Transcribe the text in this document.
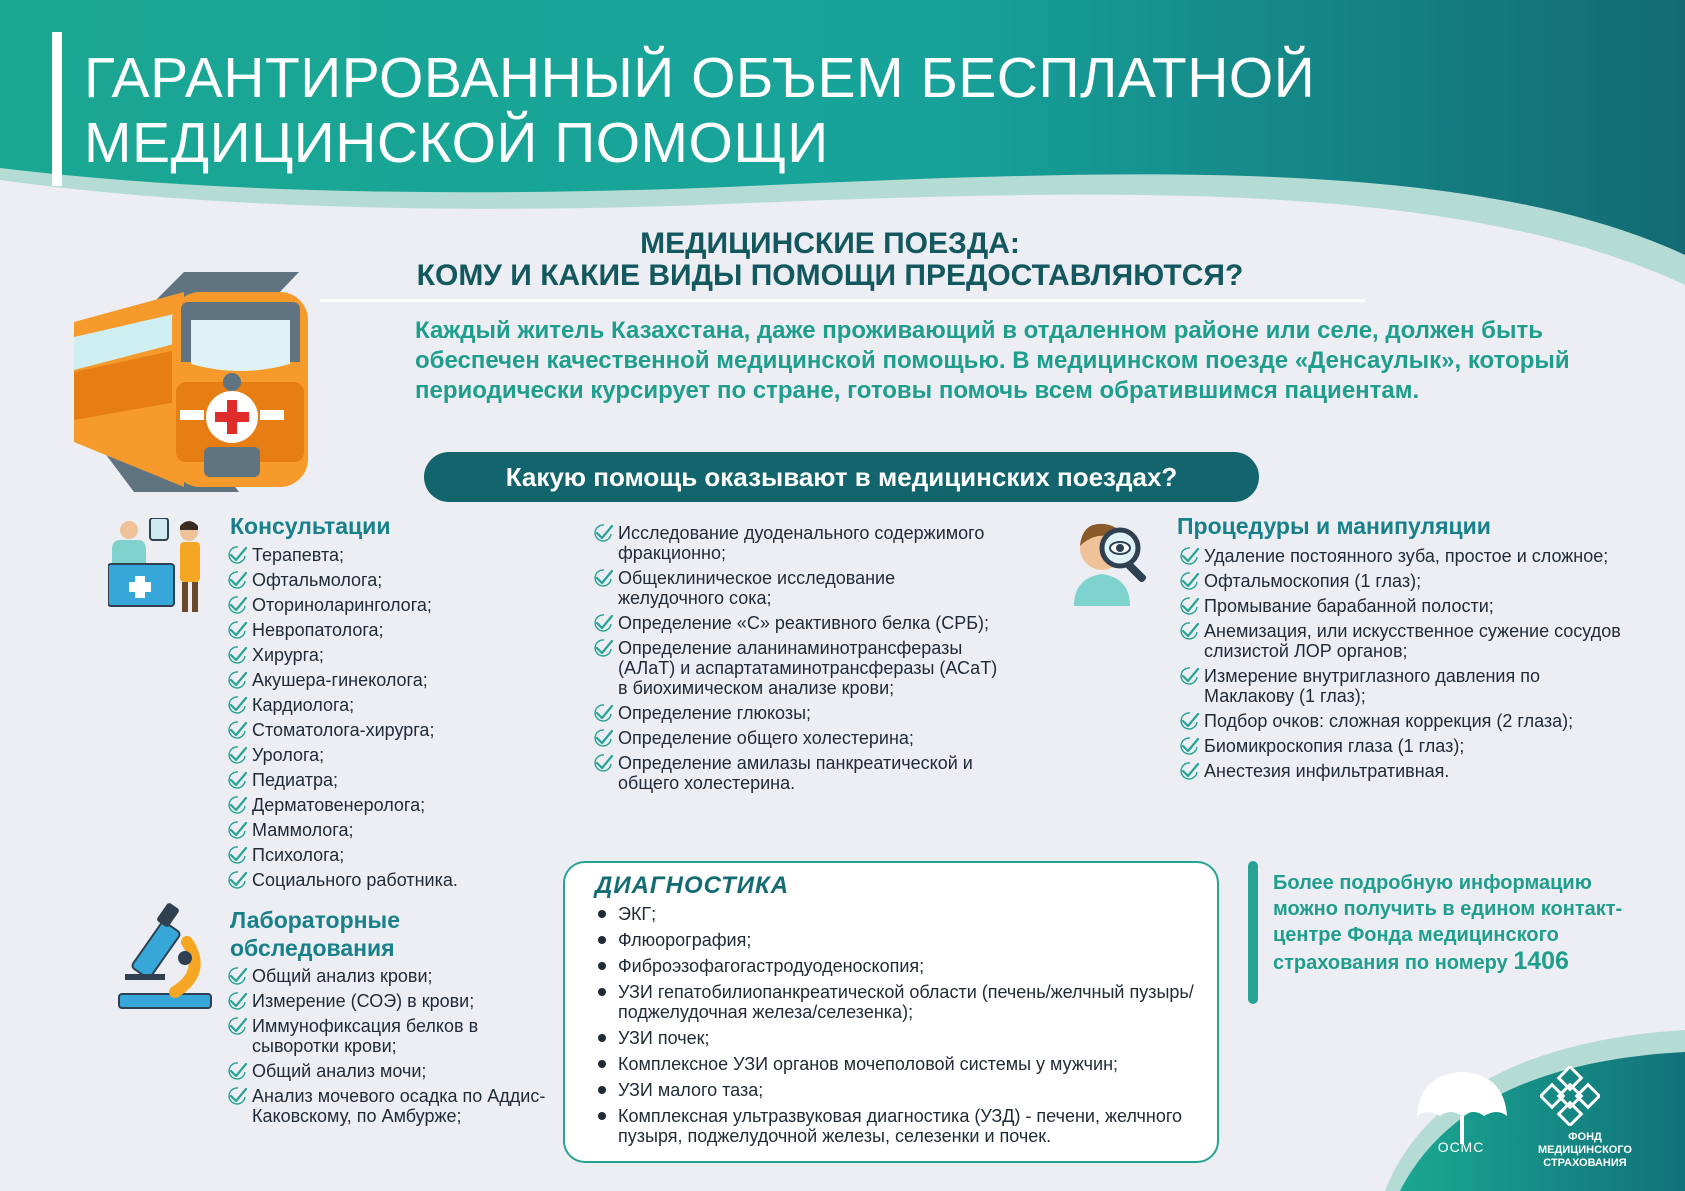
ГАРАНТИРОВАННЫЙ ОБЪЕМ БЕСПЛАТНОЙ
МЕДИЦИНСКОЙ ПОМОЩИ
МЕДИЦИНСКИЕ ПОЕЗДА:
КОМУ И КАКИЕ ВИДЫ ПОМОЩИ ПРЕДОСТАВЛЯЮТСЯ?
Каждый житель Казахстана, даже проживающий в отдаленном районе или селе, должен быть обеспечен качественной медицинской помощью. В медицинском поезде «Денсаулык», который периодически курсирует по стране, готовы помочь всем обратившимся пациентам.
Какую помощь оказывают в медицинских поездах?
Консультации
Терапевта;
Офтальмолога;
Оториноларинголога;
Невропатолога;
Хирурга;
Акушера-гинеколога;
Кардиолога;
Стоматолога-хирурга;
Уролога;
Педиатра;
Дерматовенеролога;
Маммолога;
Психолога;
Социального работника.
Лабораторные
обследования
Общий анализ крови;
Измерение (СОЭ) в крови;
Иммунофиксация белков в сыворотки крови;
Общий анализ мочи;
Анализ мочевого осадка по Аддис-Каковскому, по Амбурже;
Исследование дуоденального содержимого фракционно;
Общеклиническое исследование желудочного сока;
Определение «С» реактивного белка (СРБ);
Определение аланинаминотрансферазы (АЛаТ) и аспартатаминотрансферазы (АСаТ) в биохимическом анализе крови;
Определение глюкозы;
Определение общего холестерина;
Определение амилазы панкреатической и общего холестерина.
Процедуры и манипуляции
Удаление постоянного зуба, простое и сложное;
Офтальмоскопия (1 глаз);
Промывание барабанной полости;
Анемизация, или искусственное сужение сосудов слизистой ЛОР органов;
Измерение внутриглазного давления по Маклакову (1 глаз);
Подбор очков: сложная коррекция (2 глаза);
Биомикроскопия глаза (1 глаз);
Анестезия инфильтративная.
ДИАГНОСТИКА
ЭКГ;
Флюорография;
Фиброэзофагогастродуоденоскопия;
УЗИ гепатобилиопанкреатической области (печень/желчный пузырь/ поджелудочная железа/селезенка);
УЗИ почек;
Комплексное УЗИ органов мочеполовой системы у мужчин;
УЗИ малого таза;
Комплексная ультразвуковая диагностика (УЗД) - печени, желчного пузыря, поджелудочной железы, селезенки и почек.
Более подробную информацию можно получить в едином контакт-центре Фонда медицинского страхования по номеру 1406
ОСМС
ФОНД МЕДИЦИНСКОГО СТРАХОВАНИЯ
